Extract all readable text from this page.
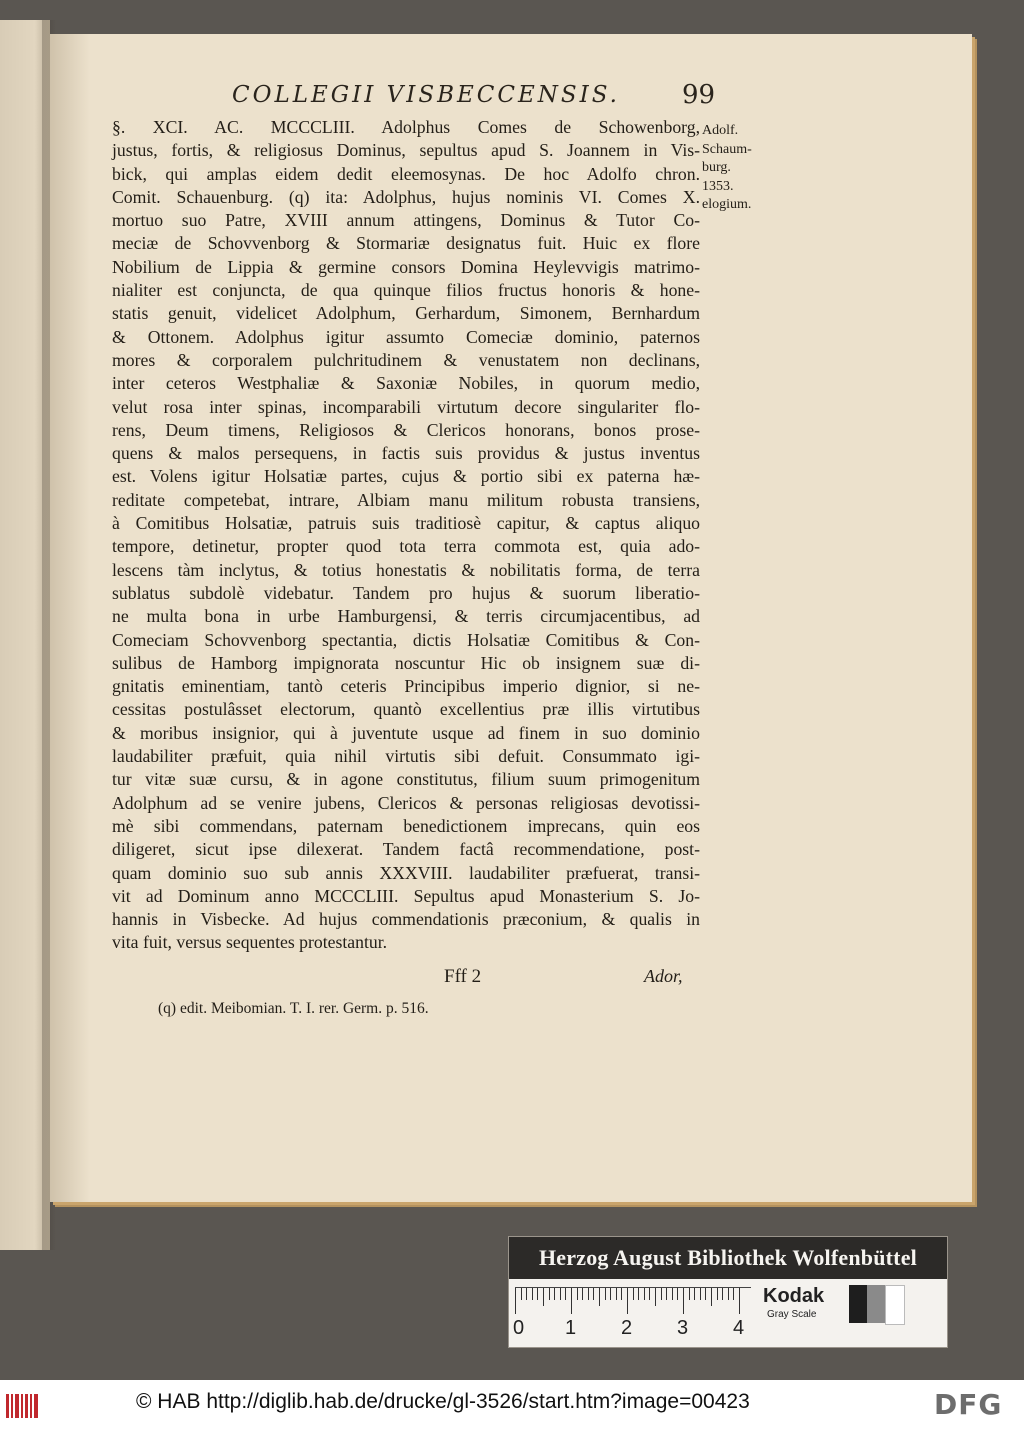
COLLEGII VISBECCENSIS. 99
§. XCI. AC. MCCCLIII. Adolphus Comes de Schowenborg,
justus, fortis, & religiosus Dominus, sepultus apud S. Joannem in Vis-
bick, qui amplas eidem dedit eleemosynas. De hoc Adolfo chron.
Comit. Schauenburg. (q) ita: Adolphus, hujus nominis VI. Comes X.
mortuo suo Patre, XVIII annum attingens, Dominus & Tutor Co-
meciæ de Schovvenborg & Stormariæ designatus fuit. Huic ex flore
Nobilium de Lippia & germine consors Domina Heylevvigis matrimo-
nialiter est conjuncta, de qua quinque filios fructus honoris & hone-
statis genuit, videlicet Adolphum, Gerhardum, Simonem, Bernhardum
& Ottonem. Adolphus igitur assumto Comeciæ dominio, paternos
mores & corporalem pulchritudinem & venustatem non declinans,
inter ceteros Westphaliæ & Saxoniæ Nobiles, in quorum medio,
velut rosa inter spinas, incomparabili virtutum decore singulariter flo-
rens, Deum timens, Religiosos & Clericos honorans, bonos prose-
quens & malos persequens, in factis suis providus & justus inventus
est. Volens igitur Holsatiæ partes, cujus & portio sibi ex paterna hæ-
reditate competebat, intrare, Albiam manu militum robusta transiens,
à Comitibus Holsatiæ, patruis suis traditiosè capitur, & captus aliquo
tempore, detinetur, propter quod tota terra commota est, quia ado-
lescens tàm inclytus, & totius honestatis & nobilitatis forma, de terra
sublatus subdolè videbatur. Tandem pro hujus & suorum liberatio-
ne multa bona in urbe Hamburgensi, & terris circumjacentibus, ad
Comeciam Schovvenborg spectantia, dictis Holsatiæ Comitibus & Con-
sulibus de Hamborg impignorata noscuntur Hic ob insignem suæ di-
gnitatis eminentiam, tantò ceteris Principibus imperio dignior, si ne-
cessitas postulâsset electorum, quantò excellentius præ illis virtutibus
& moribus insignior, qui à juventute usque ad finem in suo dominio
laudabiliter præfuit, quia nihil virtutis sibi defuit. Consummato igi-
tur vitæ suæ cursu, & in agone constitutus, filium suum primogenitum
Adolphum ad se venire jubens, Clericos & personas religiosas devotissi-
mè sibi commendans, paternam benedictionem imprecans, quin eos
diligeret, sicut ipse dilexerat. Tandem factâ recommendatione, post-
quam dominio suo sub annis XXXVIII. laudabiliter præfuerat, transi-
vit ad Dominum anno MCCCLIII. Sepultus apud Monasterium S. Jo-
hannis in Visbecke. Ad hujus commendationis præconium, & qualis in
vita fuit, versus sequentes protestantur.
Adolf.
Schaum-
burg.
1353.
elogium.
Fff 2	Ador,
(q) edit. Meibomian. T. I. rer. Germ. p. 516.
Herzog August Bibliothek Wolfenbüttel
0 1 2 3 4
Kodak
Gray Scale
© HAB http://diglib.hab.de/drucke/gl-3526/start.htm?image=00423	DFG
